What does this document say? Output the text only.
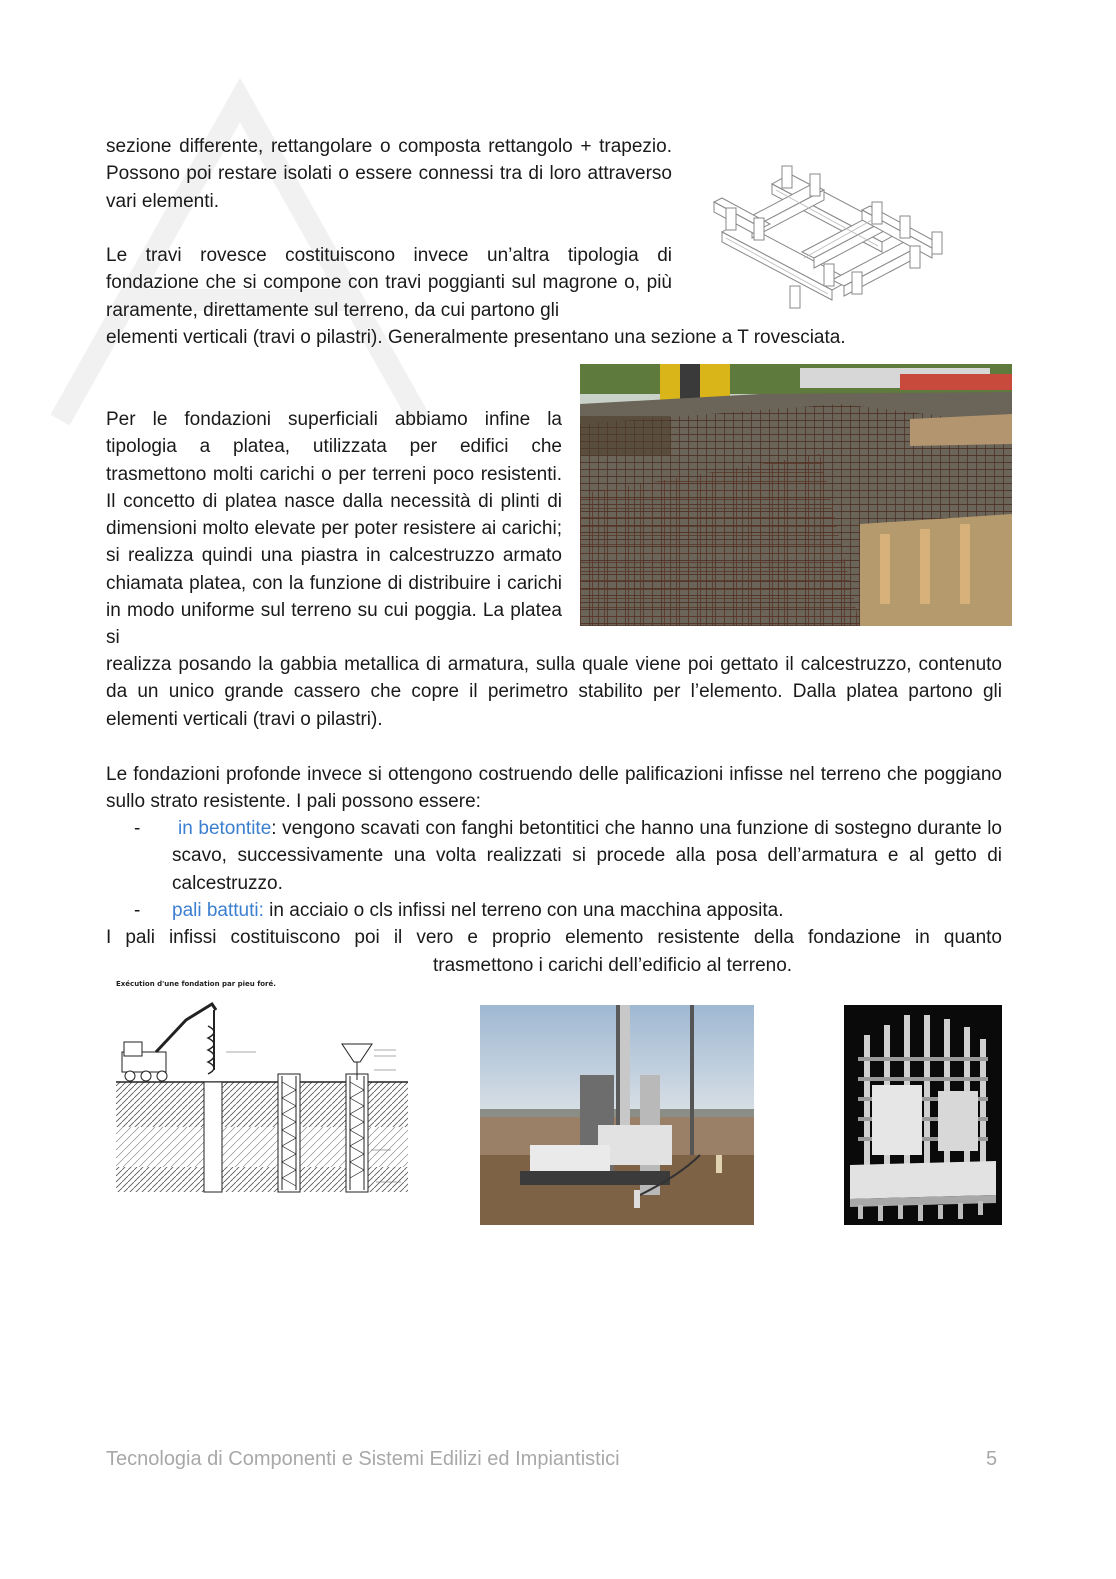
sezione differente, rettangolare o composta rettangolo + trapezio. Possono poi restare isolati o essere connessi tra di loro attraverso vari elementi.

Le travi rovesce costituiscono invece un’altra tipologia di fondazione che si compone con travi poggianti sul magrone o, più raramente, direttamente sul terreno, da cui partono gli

elementi verticali (travi o pilastri). Generalmente presentano una sezione a T rovesciata.

Per le fondazioni superficiali abbiamo infine la tipologia a platea, utilizzata per edifici che trasmettono molti carichi o per terreni poco resistenti. Il concetto di platea nasce dalla necessità di plinti di dimensioni molto elevate per poter resistere ai carichi; si realizza quindi una piastra in calcestruzzo armato chiamata platea, con la funzione di distribuire i carichi in modo uniforme sul terreno su cui poggia. La platea si

realizza posando la gabbia metallica di armatura, sulla quale viene poi gettato il calcestruzzo, contenuto da un unico grande cassero che copre il perimetro stabilito per l’elemento. Dalla platea partono gli elementi verticali (travi o pilastri).

Le fondazioni profonde invece si ottengono costruendo delle palificazioni infisse nel terreno che poggiano sullo strato resistente. I pali possono essere:

- in betontite: vengono scavati con fanghi betontitici che hanno una funzione di sostegno durante lo scavo, successivamente una volta realizzati si procede alla posa dell’armatura e al getto di calcestruzzo.
- pali battuti: in acciaio o cls infissi nel terreno con una macchina apposita.

I pali infissi costituiscono poi il vero e proprio elemento resistente della fondazione in quanto

trasmettono i carichi dell’edificio al terreno.

Exécution d'une fondation par pieu foré.
Tecnologia di Componenti e Sistemi Edilizi ed Impiantistici	5
